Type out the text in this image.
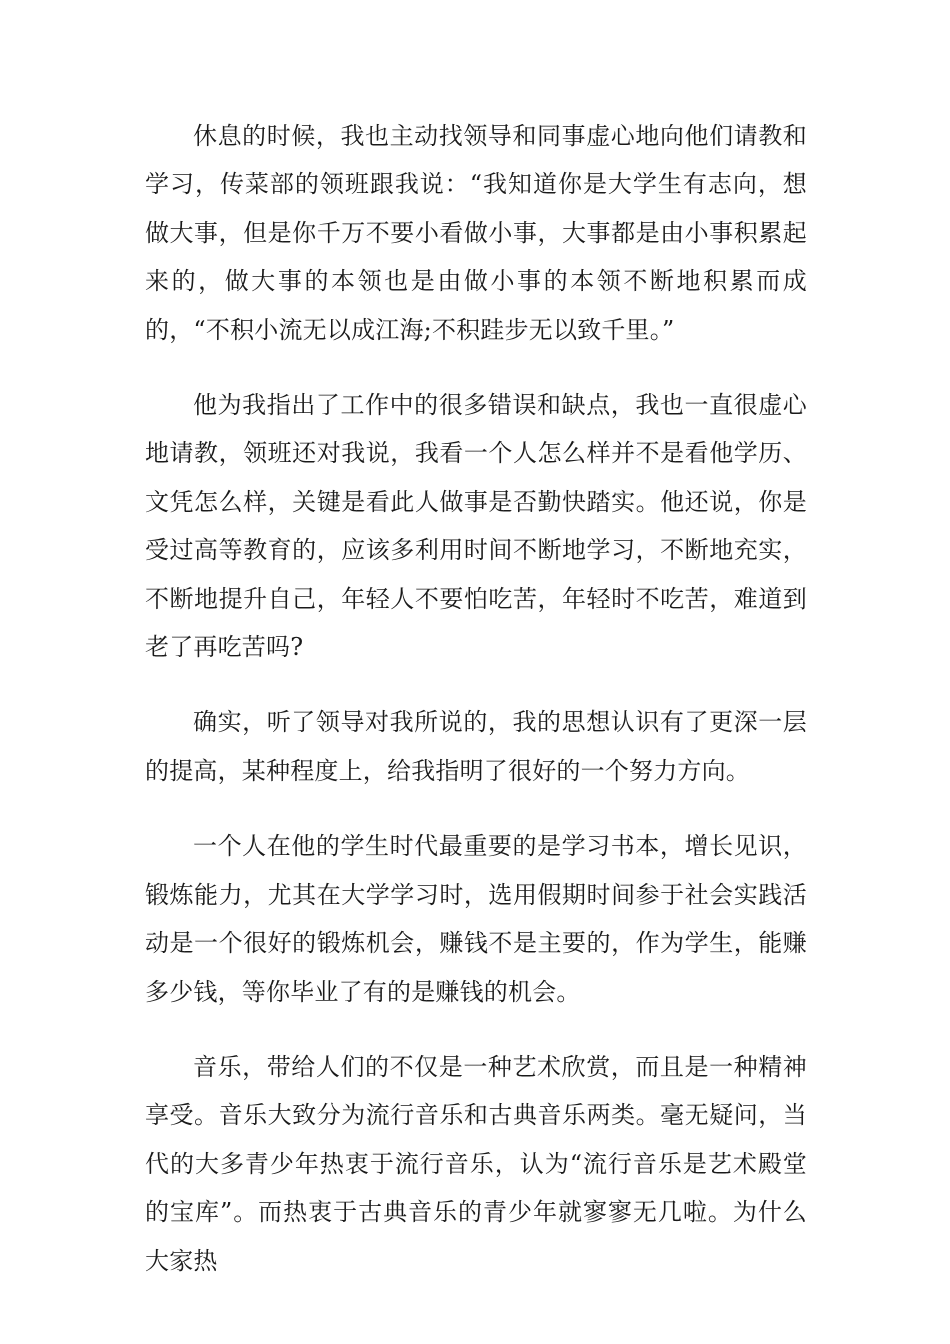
休息的时候，我也主动找领导和同事虚心地向他们请教和学习，传菜部的领班跟我说：“我知道你是大学生有志向，想做大事，但是你千万不要小看做小事，大事都是由小事积累起来的，做大事的本领也是由做小事的本领不断地积累而成的，“不积小流无以成江海;不积跬步无以致千里。”

他为我指出了工作中的很多错误和缺点，我也一直很虚心地请教，领班还对我说，我看一个人怎么样并不是看他学历、文凭怎么样，关键是看此人做事是否勤快踏实。他还说，你是受过高等教育的，应该多利用时间不断地学习，不断地充实，不断地提升自己，年轻人不要怕吃苦，年轻时不吃苦，难道到老了再吃苦吗?

确实，听了领导对我所说的，我的思想认识有了更深一层的提高，某种程度上，给我指明了很好的一个努力方向。

一个人在他的学生时代最重要的是学习书本，增长见识，锻炼能力，尤其在大学学习时，选用假期时间参于社会实践活动是一个很好的锻炼机会，赚钱不是主要的，作为学生，能赚多少钱，等你毕业了有的是赚钱的机会。

音乐，带给人们的不仅是一种艺术欣赏，而且是一种精神享受。音乐大致分为流行音乐和古典音乐两类。毫无疑问，当代的大多青少年热衷于流行音乐，认为“流行音乐是艺术殿堂的宝库”。而热衷于古典音乐的青少年就寥寥无几啦。为什么大家热
